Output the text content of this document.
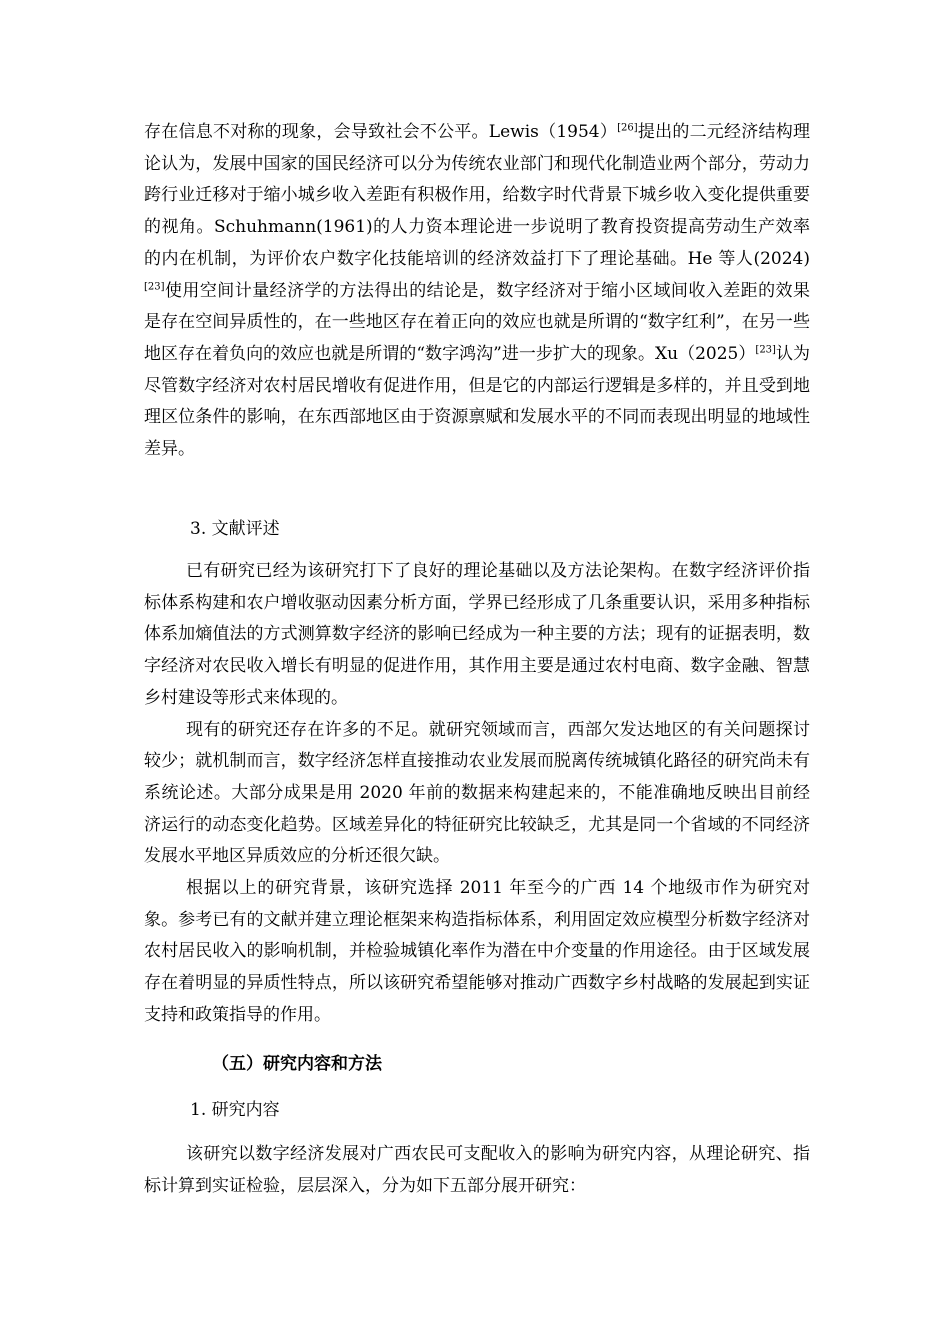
存在信息不对称的现象，会导致社会不公平。Lewis（1954）[26]提出的二元经济结构理论认为，发展中国家的国民经济可以分为传统农业部门和现代化制造业两个部分，劳动力跨行业迁移对于缩小城乡收入差距有积极作用，给数字时代背景下城乡收入变化提供重要的视角。Schuhmann(1961)的人力资本理论进一步说明了教育投资提高劳动生产效率的内在机制，为评价农户数字化技能培训的经济效益打下了理论基础。He 等人(2024)[23]使用空间计量经济学的方法得出的结论是，数字经济对于缩小区域间收入差距的效果是存在空间异质性的，在一些地区存在着正向的效应也就是所谓的“数字红利”，在另一些地区存在着负向的效应也就是所谓的“数字鸿沟”进一步扩大的现象。Xu（2025）[23]认为尽管数字经济对农村居民增收有促进作用，但是它的内部运行逻辑是多样的，并且受到地理区位条件的影响，在东西部地区由于资源禀赋和发展水平的不同而表现出明显的地域性差异。

3. 文献评述

已有研究已经为该研究打下了良好的理论基础以及方法论架构。在数字经济评价指标体系构建和农户增收驱动因素分析方面，学界已经形成了几条重要认识，采用多种指标体系加熵值法的方式测算数字经济的影响已经成为一种主要的方法；现有的证据表明，数字经济对农民收入增长有明显的促进作用，其作用主要是通过农村电商、数字金融、智慧乡村建设等形式来体现的。

现有的研究还存在许多的不足。就研究领域而言，西部欠发达地区的有关问题探讨较少；就机制而言，数字经济怎样直接推动农业发展而脱离传统城镇化路径的研究尚未有系统论述。大部分成果是用 2020 年前的数据来构建起来的，不能准确地反映出目前经济运行的动态变化趋势。区域差异化的特征研究比较缺乏，尤其是同一个省域的不同经济发展水平地区异质效应的分析还很欠缺。

根据以上的研究背景，该研究选择 2011 年至今的广西 14 个地级市作为研究对象。参考已有的文献并建立理论框架来构造指标体系，利用固定效应模型分析数字经济对农村居民收入的影响机制，并检验城镇化率作为潜在中介变量的作用途径。由于区域发展存在着明显的异质性特点，所以该研究希望能够对推动广西数字乡村战略的发展起到实证支持和政策指导的作用。

（五）研究内容和方法
1. 研究内容

该研究以数字经济发展对广西农民可支配收入的影响为研究内容，从理论研究、指标计算到实证检验，层层深入，分为如下五部分展开研究：
